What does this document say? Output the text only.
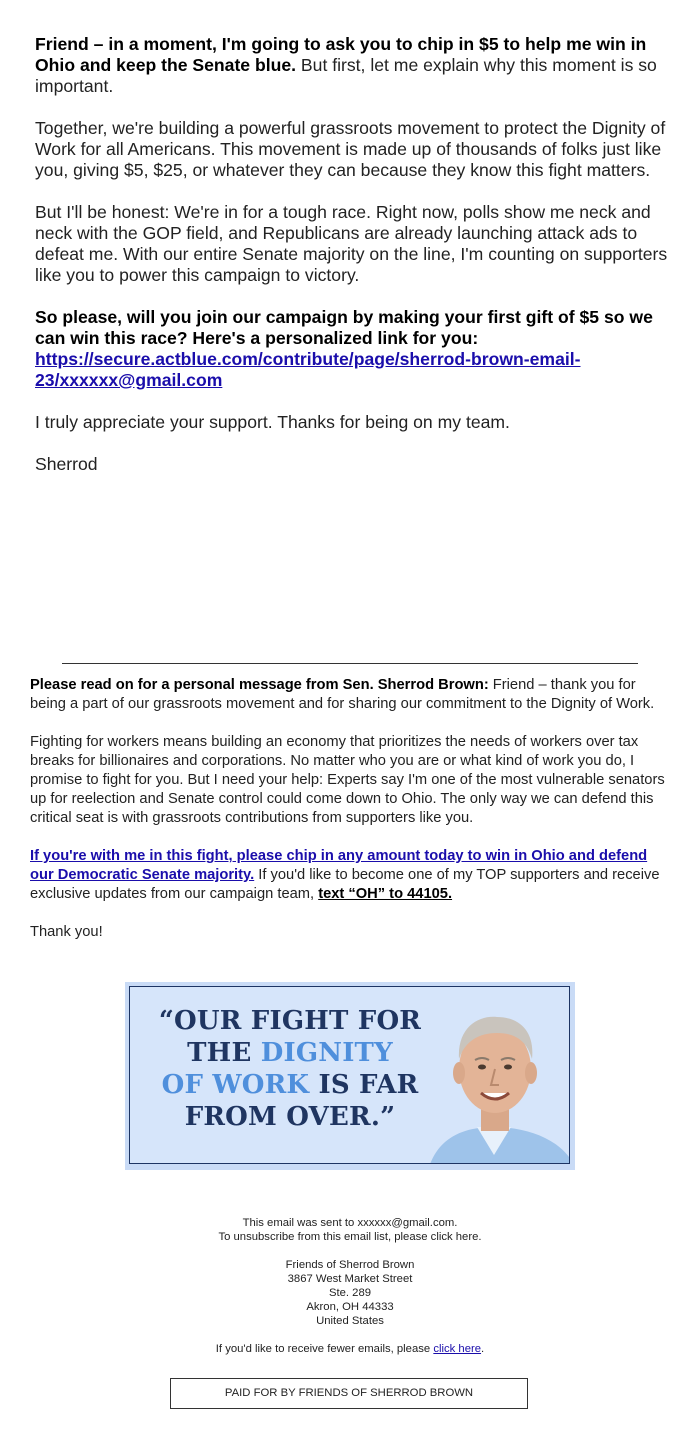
Friend – in a moment, I'm going to ask you to chip in $5 to help me win in Ohio and keep the Senate blue. But first, let me explain why this moment is so important.

Together, we're building a powerful grassroots movement to protect the Dignity of Work for all Americans. This movement is made up of thousands of folks just like you, giving $5, $25, or whatever they can because they know this fight matters.

But I'll be honest: We're in for a tough race. Right now, polls show me neck and neck with the GOP field, and Republicans are already launching attack ads to defeat me. With our entire Senate majority on the line, I'm counting on supporters like you to power this campaign to victory.

So please, will you join our campaign by making your first gift of $5 so we can win this race? Here's a personalized link for you: https://secure.actblue.com/contribute/page/sherrod-brown-email-23/xxxxxx@gmail.com

I truly appreciate your support. Thanks for being on my team.

Sherrod

Please read on for a personal message from Sen. Sherrod Brown: Friend – thank you for being a part of our grassroots movement and for sharing our commitment to the Dignity of Work.

Fighting for workers means building an economy that prioritizes the needs of workers over tax breaks for billionaires and corporations. No matter who you are or what kind of work you do, I promise to fight for you. But I need your help: Experts say I'm one of the most vulnerable senators up for reelection and Senate control could come down to Ohio. The only way we can defend this critical seat is with grassroots contributions from supporters like you.

If you're with me in this fight, please chip in any amount today to win in Ohio and defend our Democratic Senate majority. If you'd like to become one of my TOP supporters and receive exclusive updates from our campaign team, text “OH” to 44105.

Thank you!

“OUR FIGHT FOR
THE DIGNITY
OF WORK IS FAR
FROM OVER.”

This email was sent to xxxxxx@gmail.com.
To unsubscribe from this email list, please click here.

Friends of Sherrod Brown
3867 West Market Street
Ste. 289
Akron, OH 44333
United States

If you'd like to receive fewer emails, please click here.

PAID FOR BY FRIENDS OF SHERROD BROWN
